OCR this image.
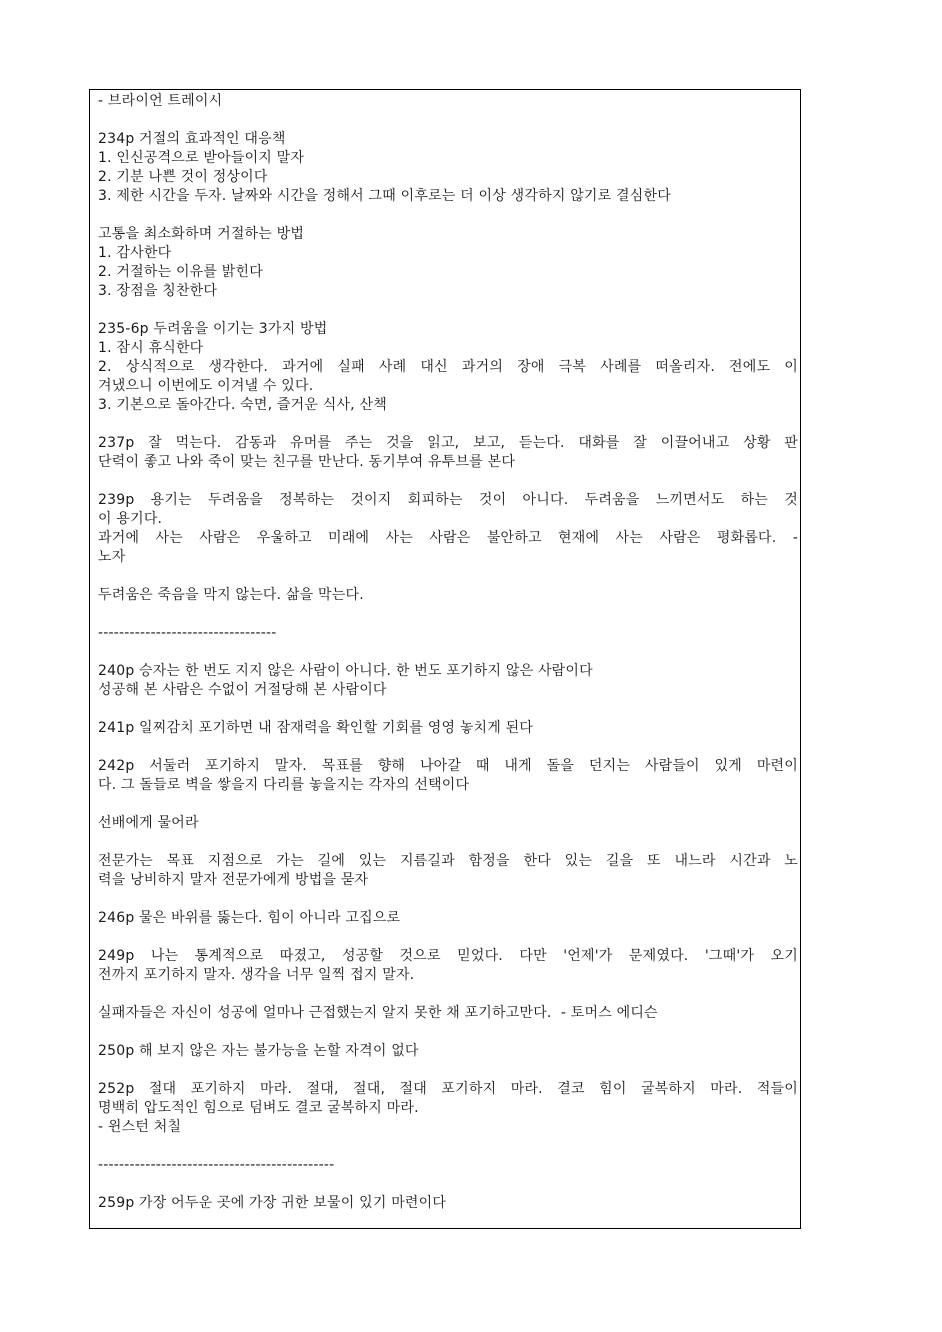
- 브라이언 트레이시
234p 거절의 효과적인 대응책
1. 인신공격으로 받아들이지 말자
2. 기분 나쁜 것이 정상이다
3. 제한 시간을 두자. 날짜와 시간을 정해서 그때 이후로는 더 이상 생각하지 않기로 결심한다
고통을 최소화하며 거절하는 방법
1. 감사한다
2. 거절하는 이유를 밝힌다
3. 장점을 칭찬한다
235-6p 두려움을 이기는 3가지 방법
1. 잠시 휴식한다
2. 상식적으로 생각한다. 과거에 실패 사례 대신 과거의 장애 극복 사례를 떠올리자. 전에도 이
겨냈으니 이번에도 이겨낼 수 있다.
3. 기본으로 돌아간다. 숙면, 즐거운 식사, 산책
237p 잘 먹는다. 감동과 유머를 주는 것을 읽고, 보고, 듣는다. 대화를 잘 이끌어내고 상황 판
단력이 좋고 나와 죽이 맞는 친구를 만난다. 동기부여 유투브를 본다
239p 용기는 두려움을 정복하는 것이지 회피하는 것이 아니다. 두려움을 느끼면서도 하는 것
이 용기다.
과거에 사는 사람은 우울하고 미래에 사는 사람은 불안하고 현재에 사는 사람은 평화롭다. -
노자
두려움은 죽음을 막지 않는다. 삶을 막는다.
----------------------------------
240p 승자는 한 번도 지지 않은 사람이 아니다. 한 번도 포기하지 않은 사람이다
성공해 본 사람은 수없이 거절당해 본 사람이다
241p 일찌감치 포기하면 내 잠재력을 확인할 기회를 영영 놓치게 된다
242p 서둘러 포기하지 말자. 목표를 향해 나아갈 때 내게 돌을 던지는 사람들이 있게 마련이
다. 그 돌들로 벽을 쌓을지 다리를 놓을지는 각자의 선택이다
선배에게 물어라
전문가는 목표 지점으로 가는 길에 있는 지름길과 함정을 한다 있는 길을 또 내느라 시간과 노
력을 낭비하지 말자 전문가에게 방법을 묻자
246p 물은 바위를 뚫는다. 힘이 아니라 고집으로
249p 나는 통계적으로 따졌고, 성공할 것으로 믿었다. 다만 '언제'가 문제였다. '그때'가 오기
전까지 포기하지 말자. 생각을 너무 일찍 접지 말자.
실패자들은 자신이 성공에 얼마나 근접했는지 알지 못한 채 포기하고만다.  - 토머스 에디슨
250p 해 보지 않은 자는 불가능을 논할 자격이 없다
252p 절대 포기하지 마라. 절대, 절대, 절대 포기하지 마라. 결코 힘이 굴복하지 마라. 적들이
명백히 압도적인 힘으로 덤벼도 결코 굴복하지 마라.
- 윈스턴 처칠
---------------------------------------------
259p 가장 어두운 곳에 가장 귀한 보물이 있기 마련이다
